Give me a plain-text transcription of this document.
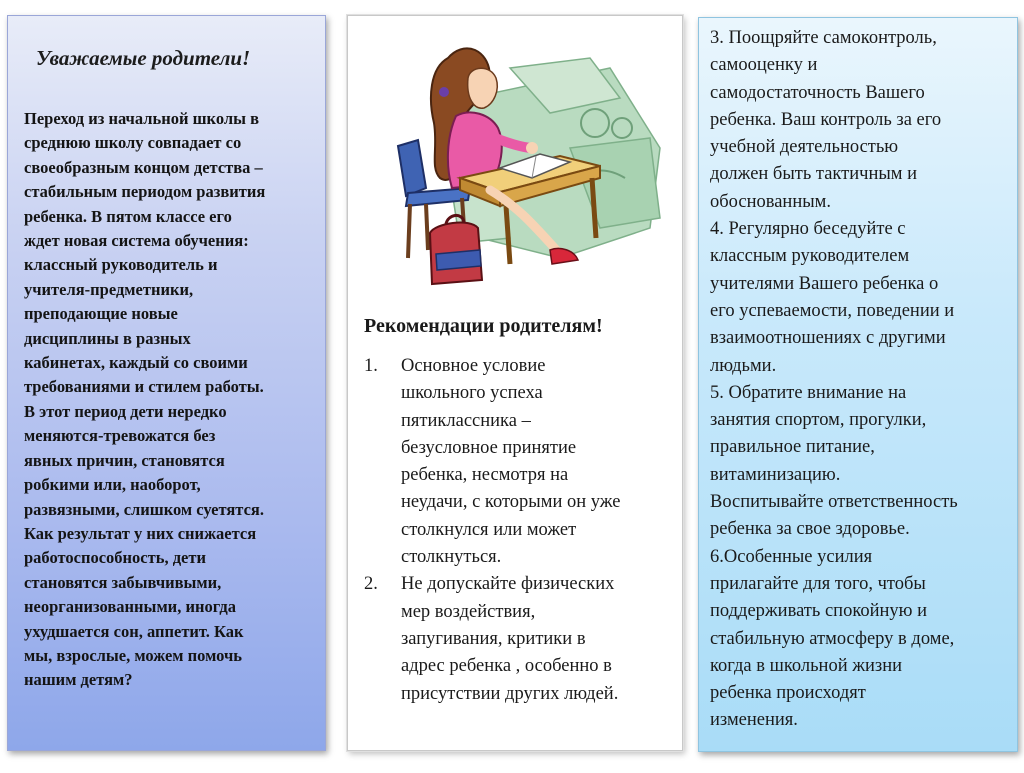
Уважаемые родители!
Переход из начальной школы в
среднюю школу совпадает со
своеобразным концом детства –
стабильным периодом развития
ребенка. В пятом классе его
ждет новая система обучения:
классный руководитель и
учителя-предметники,
преподающие новые
дисциплины в разных
кабинетах, каждый со своими
требованиями и стилем работы.
В этот период дети нередко
меняются-тревожатся без
явных причин, становятся
робкими или, наоборот,
развязными, слишком суетятся.
Как результат у них снижается
работоспособность, дети
становятся забывчивыми,
неорганизованными, иногда
ухудшается сон, аппетит. Как
мы, взрослые, можем помочь
нашим детям?
Рекомендации родителям!
1. Основное условие
школьного успеха
пятиклассника –
безусловное принятие
ребенка, несмотря на
неудачи, с которыми он уже
столкнулся или может
столкнуться.
2. Не допускайте физических
мер воздействия,
запугивания, критики в
адрес ребенка , особенно в
присутствии других людей.
3. Поощряйте самоконтроль,
самооценку и
самодостаточность Вашего
ребенка. Ваш контроль за его
учебной деятельностью
должен быть тактичным и
обоснованным.
4. Регулярно беседуйте с
классным руководителем
учителями Вашего ребенка о
его успеваемости, поведении и
взаимоотношениях с другими
людьми.
5. Обратите внимание на
занятия спортом, прогулки,
правильное питание,
витаминизацию.
Воспитывайте ответственность
ребенка за свое здоровье.
6.Особенные усилия
прилагайте для того, чтобы
поддерживать спокойную и
стабильную атмосферу в доме,
когда в школьной жизни
ребенка происходят
изменения.
